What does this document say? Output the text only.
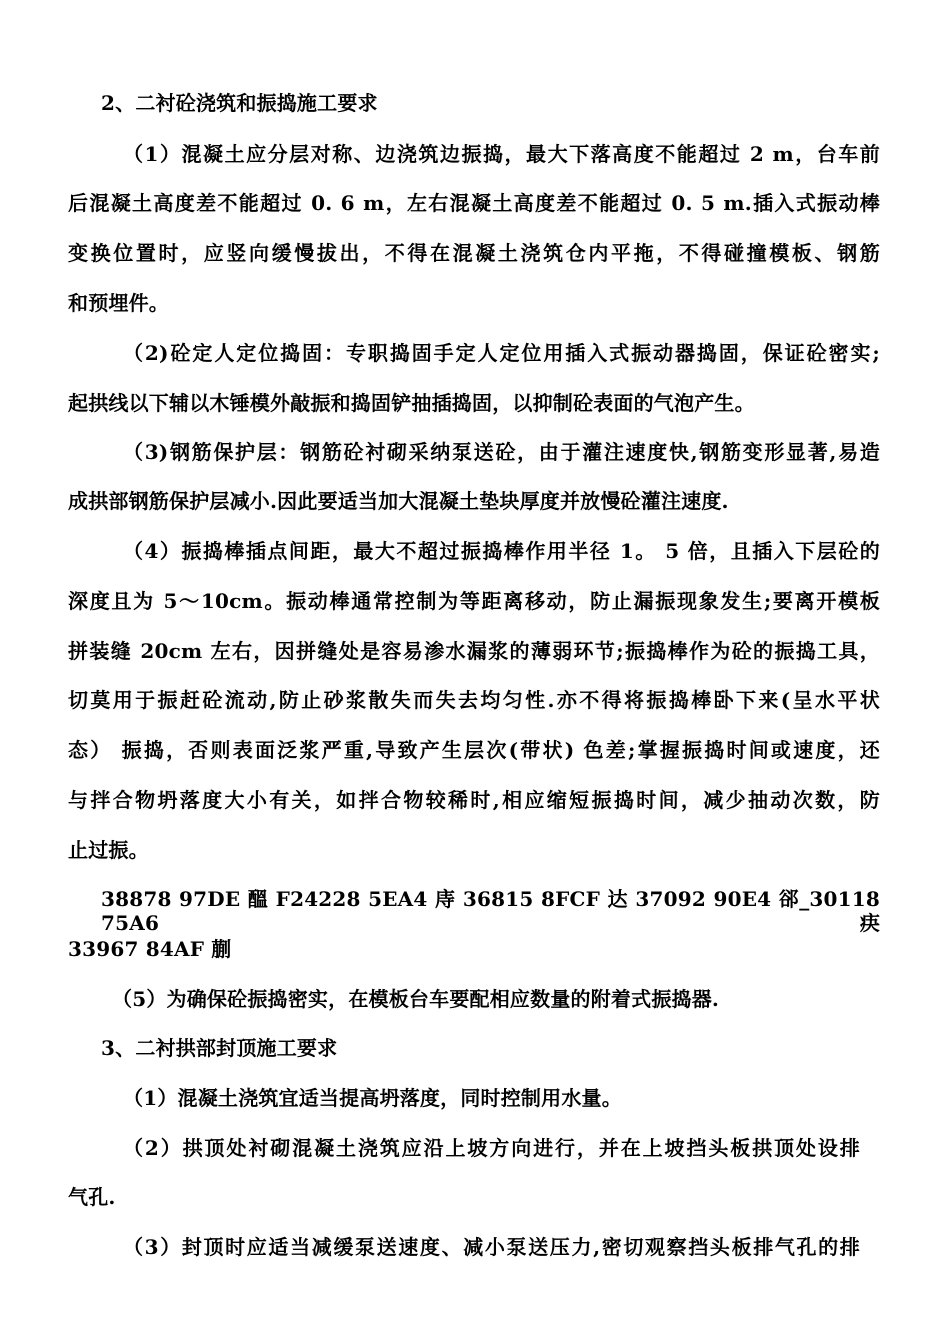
2、二衬砼浇筑和振捣施工要求
（1）混凝土应分层对称、边浇筑边振捣，最大下落高度不能超过 2 m，台车前
后混凝土高度差不能超过 0. 6 m，左右混凝土高度差不能超过 0. 5 m.插入式振动棒
变换位置时，应竖向缓慢拔出，不得在混凝土浇筑仓内平拖，不得碰撞模板、钢筋
和预埋件。
（2)砼定人定位捣固：专职捣固手定人定位用插入式振动器捣固，保证砼密实;
起拱线以下辅以木锤模外敲振和捣固铲抽插捣固，以抑制砼表面的气泡产生。
（3)钢筋保护层：钢筋砼衬砌采纳泵送砼，由于灌注速度快,钢筋变形显著,易造
成拱部钢筋保护层减小.因此要适当加大混凝土垫块厚度并放慢砼灌注速度.
（4）振捣棒插点间距，最大不超过振捣棒作用半径 1。 5 倍，且插入下层砼的
深度且为 5～10cm。振动棒通常控制为等距离移动，防止漏振现象发生;要离开模板
拼装缝 20cm 左右，因拼缝处是容易渗水漏浆的薄弱环节;振捣棒作为砼的振捣工具，
切莫用于振赶砼流动,防止砂浆散失而失去均匀性.亦不得将振捣棒卧下来(呈水平状
态） 振捣，否则表面泛浆严重,导致产生层次(带状) 色差;掌握振捣时间或速度，还
与拌合物坍落度大小有关，如拌合物较稀时,相应缩短振捣时间，减少抽动次数，防
止过振。
38878 97DE 醞 F24228 5EA4 庤 36815 8FCF 达 37092 90E4 郤_30118 75A6 疦
33967 84AF 蒯
（5）为确保砼振捣密实，在模板台车要配相应数量的附着式振捣器.
3、二衬拱部封顶施工要求
（1）混凝土浇筑宜适当提高坍落度，同时控制用水量。
（2）拱顶处衬砌混凝土浇筑应沿上坡方向进行，并在上坡挡头板拱顶处设排
气孔.
（3）封顶时应适当减缓泵送速度、减小泵送压力,密切观察挡头板排气孔的排
